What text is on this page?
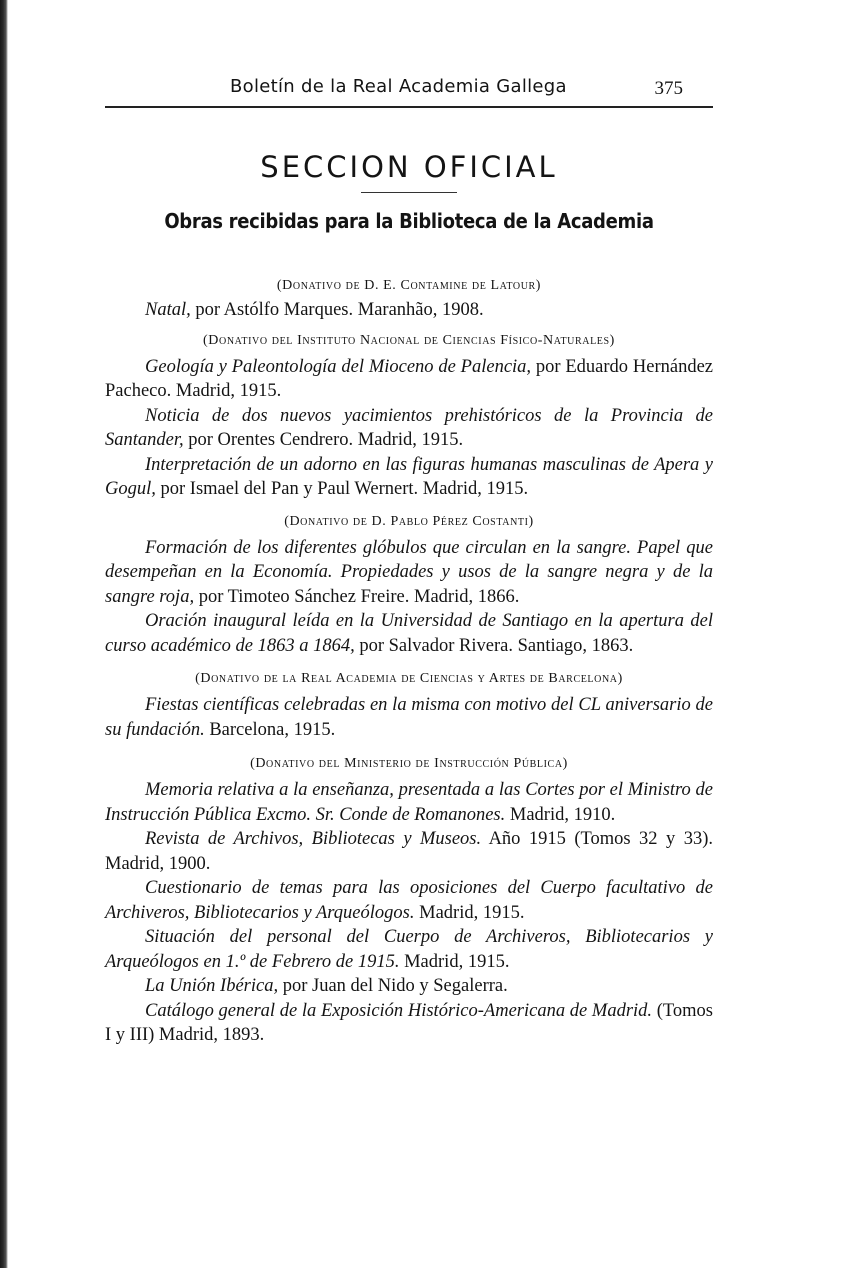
Boletín de la Real Academia Gallega	375
SECCION OFICIAL
Obras recibidas para la Biblioteca de la Academia
(Donativo de D. E. Contamine de Latour)

Natal, por Astólfo Marques. Maranhão, 1908.

(Donativo del Instituto Nacional de Ciencias Físico-Naturales)

Geología y Paleontología del Mioceno de Palencia, por Eduardo Hernández Pacheco. Madrid, 1915.

Noticia de dos nuevos yacimientos prehistóricos de la Provincia de Santander, por Orentes Cendrero. Madrid, 1915.

Interpretación de un adorno en las figuras humanas masculinas de Apera y Gogul, por Ismael del Pan y Paul Wernert. Madrid, 1915.

(Donativo de D. Pablo Pérez Costanti)

Formación de los diferentes glóbulos que circulan en la sangre. Papel que desempeñan en la Economía. Propiedades y usos de la sangre negra y de la sangre roja, por Timoteo Sánchez Freire. Madrid, 1866.

Oración inaugural leída en la Universidad de Santiago en la apertura del curso académico de 1863 a 1864, por Salvador Rivera. Santiago, 1863.

(Donativo de la Real Academia de Ciencias y Artes de Barcelona)

Fiestas científicas celebradas en la misma con motivo del CL aniversario de su fundación. Barcelona, 1915.

(Donativo del Ministerio de Instrucción Pública)

Memoria relativa a la enseñanza, presentada a las Cortes por el Ministro de Instrucción Pública Excmo. Sr. Conde de Romanones. Madrid, 1910.

Revista de Archivos, Bibliotecas y Museos. Año 1915 (Tomos 32 y 33). Madrid, 1900.

Cuestionario de temas para las oposiciones del Cuerpo facultativo de Archiveros, Bibliotecarios y Arqueólogos. Madrid, 1915.

Situación del personal del Cuerpo de Archiveros, Bibliotecarios y Arqueólogos en 1.º de Febrero de 1915. Madrid, 1915.

La Unión Ibérica, por Juan del Nido y Segalerra.

Catálogo general de la Exposición Histórico-Americana de Madrid. (Tomos I y III) Madrid, 1893.
